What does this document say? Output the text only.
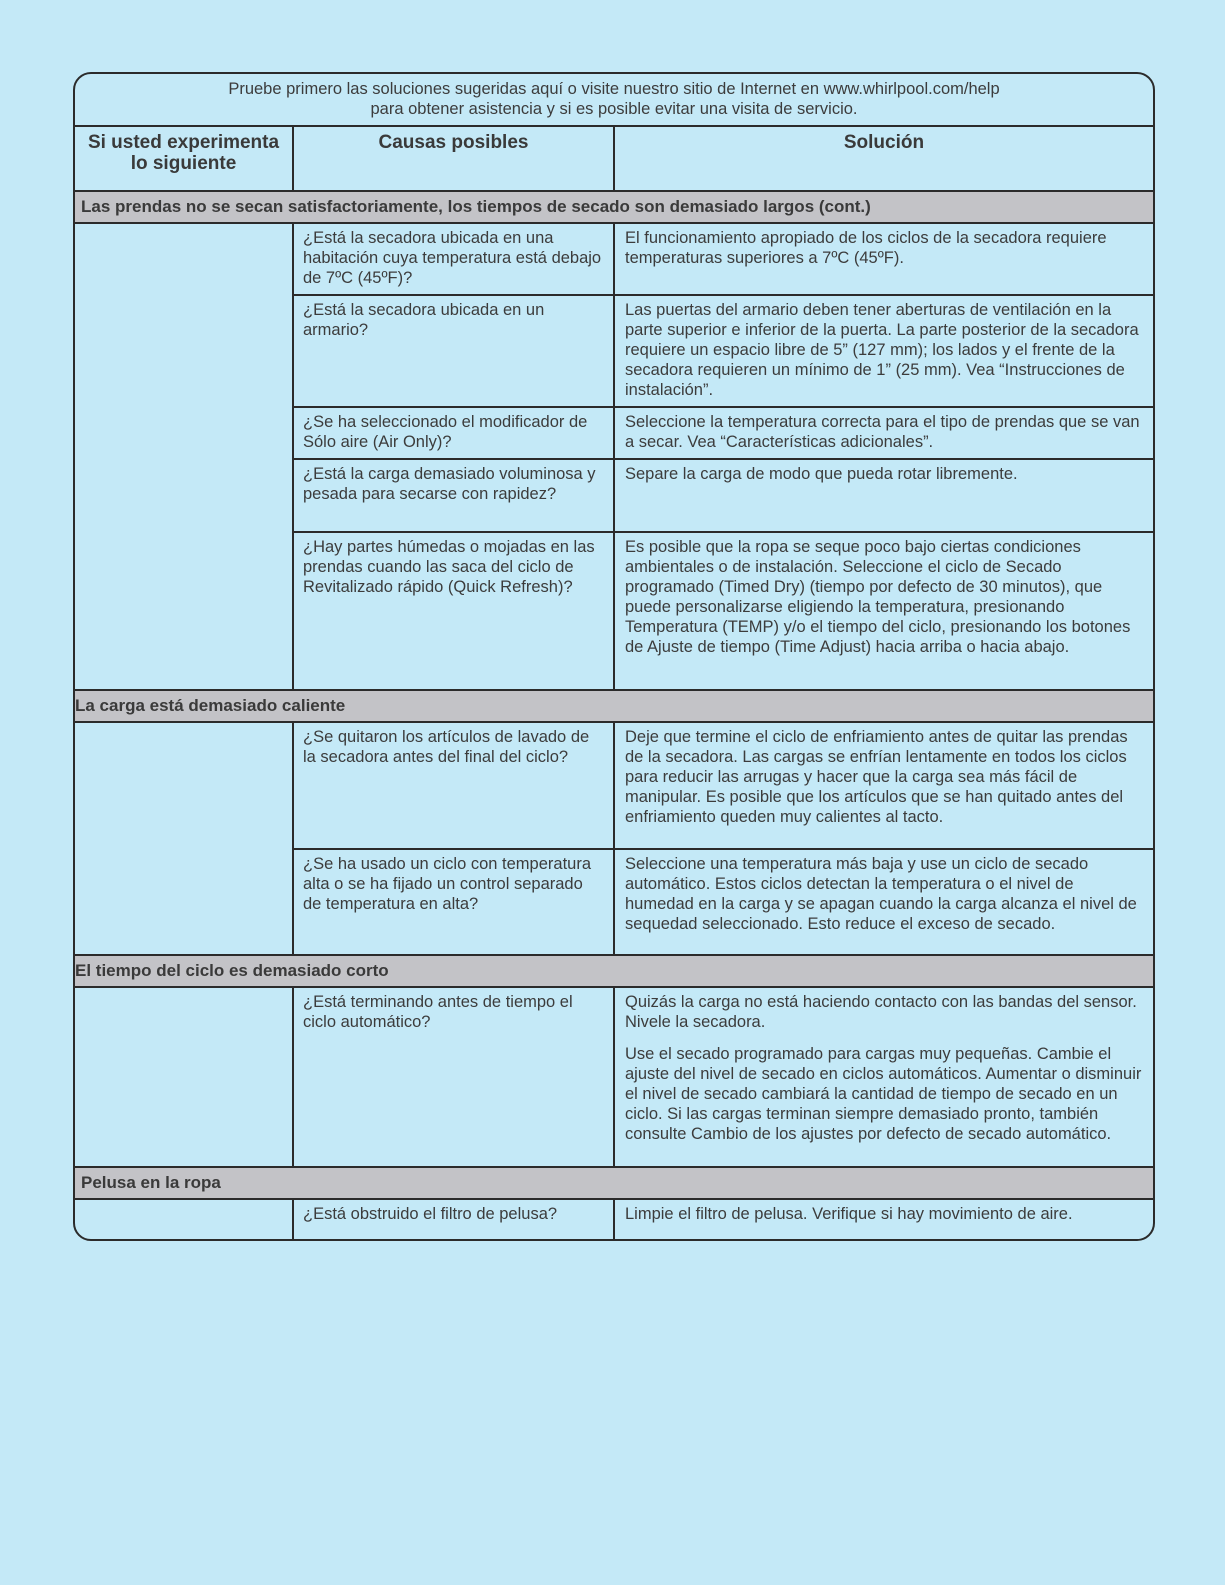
Pruebe primero las soluciones sugeridas aquí o visite nuestro sitio de Internet en www.whirlpool.com/help
para obtener asistencia y si es posible evitar una visita de servicio.
Si usted experimenta lo siguiente	Causas posibles	Solución
Las prendas no se secan satisfactoriamente, los tiempos de secado son demasiado largos (cont.)		
	¿Está la secadora ubicada en una habitación cuya temperatura está debajo de 7ºC (45ºF)?	El funcionamiento apropiado de los ciclos de la secadora requiere temperaturas superiores a 7ºC (45ºF).

	¿Está la secadora ubicada en un armario?	Las puertas del armario deben tener aberturas de ventilación en la parte superior e inferior de la puerta. La parte posterior de la secadora requiere un espacio libre de 5” (127 mm); los lados y el frente de la secadora requieren un mínimo de 1” (25 mm). Vea “Instrucciones de instalación”.

	¿Se ha seleccionado el modificador de Sólo aire (Air Only)?	Seleccione la temperatura correcta para el tipo de prendas que se van a secar. Vea “Características adicionales”.

	¿Está la carga demasiado voluminosa y pesada para secarse con rapidez?	Separe la carga de modo que pueda rotar libremente.

	¿Hay partes húmedas o mojadas en las prendas cuando las saca del ciclo de Revitalizado rápido (Quick Refresh)?	Es posible que la ropa se seque poco bajo ciertas condiciones ambientales o de instalación. Seleccione el ciclo de Secado programado (Timed Dry) (tiempo por defecto de 30 minutos), que puede personalizarse eligiendo la temperatura, presionando Temperatura (TEMP) y/o el tiempo del ciclo, presionando los botones de Ajuste de tiempo (Time Adjust) hacia arriba o hacia abajo.

La carga está demasiado caliente		
	¿Se quitaron los artículos de lavado de la secadora antes del final del ciclo?	Deje que termine el ciclo de enfriamiento antes de quitar las prendas de la secadora. Las cargas se enfrían lentamente en todos los ciclos para reducir las arrugas y hacer que la carga sea más fácil de manipular. Es posible que los artículos que se han quitado antes del enfriamiento queden muy calientes al tacto.

	¿Se ha usado un ciclo con temperatura alta o se ha fijado un control separado de temperatura en alta?	Seleccione una temperatura más baja y use un ciclo de secado automático. Estos ciclos detectan la temperatura o el nivel de humedad en la carga y se apagan cuando la carga alcanza el nivel de sequedad seleccionado. Esto reduce el exceso de secado.

El tiempo del ciclo es demasiado corto		
	¿Está terminando antes de tiempo el ciclo automático?	Quizás la carga no está haciendo contacto con las bandas del sensor. Nivele la secadora.

Use el secado programado para cargas muy pequeñas. Cambie el ajuste del nivel de secado en ciclos automáticos. Aumentar o disminuir el nivel de secado cambiará la cantidad de tiempo de secado en un ciclo. Si las cargas terminan siempre demasiado pronto, también consulte Cambio de los ajustes por defecto de secado automático.

Pelusa en la ropa		
	¿Está obstruido el filtro de pelusa?	Limpie el filtro de pelusa. Verifique si hay movimiento de aire.
